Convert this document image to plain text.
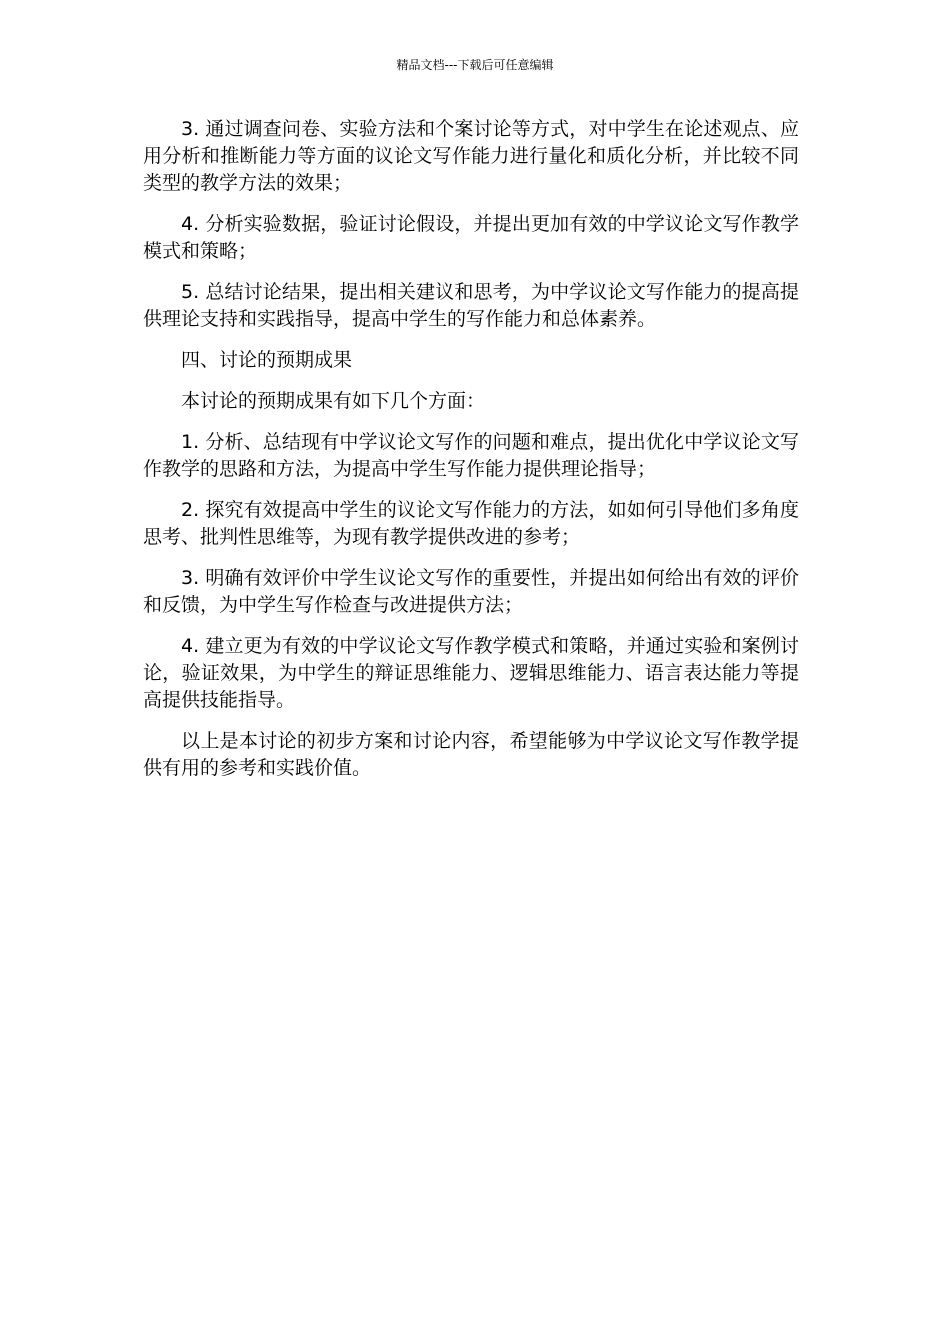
精品文档---下载后可任意编辑

3. 通过调查问卷、实验方法和个案讨论等方式，对中学生在论述观点、应用分析和推断能力等方面的议论文写作能力进行量化和质化分析，并比较不同类型的教学方法的效果；

4. 分析实验数据，验证讨论假设，并提出更加有效的中学议论文写作教学模式和策略；

5. 总结讨论结果，提出相关建议和思考，为中学议论文写作能力的提高提供理论支持和实践指导，提高中学生的写作能力和总体素养。

四、讨论的预期成果

本讨论的预期成果有如下几个方面：

1. 分析、总结现有中学议论文写作的问题和难点，提出优化中学议论文写作教学的思路和方法，为提高中学生写作能力提供理论指导；

2. 探究有效提高中学生的议论文写作能力的方法，如如何引导他们多角度思考、批判性思维等，为现有教学提供改进的参考；

3. 明确有效评价中学生议论文写作的重要性，并提出如何给出有效的评价和反馈，为中学生写作检查与改进提供方法；

4. 建立更为有效的中学议论文写作教学模式和策略，并通过实验和案例讨论，验证效果，为中学生的辩证思维能力、逻辑思维能力、语言表达能力等提高提供技能指导。

以上是本讨论的初步方案和讨论内容，希望能够为中学议论文写作教学提供有用的参考和实践价值。
